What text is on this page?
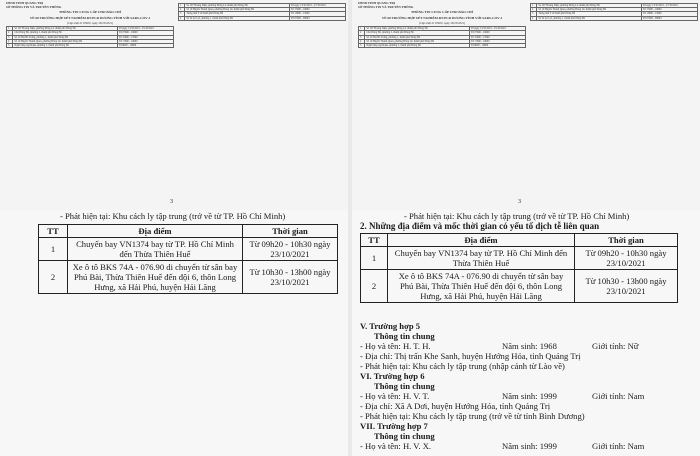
UBND TỈNH QUẢNG TRỊ
SỞ THÔNG TIN VÀ TRUYỀN THÔNG
THÔNG TIN CUNG CẤP CHO BÁO CHÍ
VỀ 08 TRƯỜNG HỢP XÉT NGHIỆM RT-PCR DƯƠNG TÍNH VỚI SARS-COV-2
(Cập nhật từ 18h00, ngày 28/10/2021)
1	Số 167 Hoàng Diệu, phường Đông Lễ, thành phố Đông Hà	Từ ngày 13/10/2021 - 25/10/2021
2	Chợ Đông Hà, phường 2, thành phố Đông Hà	Từ 07h00 - 10h00
3	Số 19 Hai Bà Trưng, phường 1, thành phố Đông Hà	Từ 15h00 - 17h00
4	Số 19 Huyền Thanh Quan, phường Đông Lễ, thành phố Đông Hà	Từ 17h00 - 19h00
5	Ngân hàng Agribank, phường 5, thành phố Đông Hà	Từ 8h00 - 10h00
1	Số 167 Hoàng Diệu, phường Đông Lễ, thành phố Đông Hà	Từ ngày 13/10/2021 - 27/10/2021
2	Số 19 Huyền Thanh Quan, phường Đông Lễ, thành phố Đông Hà	Từ 17h00 - 19h00
3	Trung tâm Y tế thành phố Đông Hà	Từ 13h00 - 15h00
4	Số 24 Lê Lợi, phường 1, thành phố Đông Hà	Từ 07h00 - 09h00
3
- Phát hiện tại: Khu cách ly tập trung (trở về từ TP. Hồ Chí Minh)
TT	Địa điểm	Thời gian
1	Chuyến bay VN1374 bay từ TP. Hồ Chí Minh đến Thừa Thiên Huế	Từ 09h20 - 10h30 ngày 23/10/2021
2	Xe ô tô BKS 74A - 076.90 di chuyển từ sân bay Phú Bài, Thừa Thiên Huế đến đội 6, thôn Long Hưng, xã Hải Phú, huyện Hải Lăng	Từ 10h30 - 13h00 ngày 23/10/2021
UBND TỈNH QUẢNG TRỊ
SỞ THÔNG TIN VÀ TRUYỀN THÔNG
THÔNG TIN CUNG CẤP CHO BÁO CHÍ
VỀ 08 TRƯỜNG HỢP XÉT NGHIỆM RT-PCR DƯƠNG TÍNH VỚI SARS-COV-2
(Cập nhật từ 18h00, ngày 28/10/2021)
1	Số 167 Hoàng Diệu, phường Đông Lễ, thành phố Đông Hà	Từ ngày 13/10/2021 - 25/10/2021
2	Chợ Đông Hà, phường 2, thành phố Đông Hà	Từ 07h00 - 10h00
3	Số 19 Hai Bà Trưng, phường 1, thành phố Đông Hà	Từ 15h00 - 17h00
4	Số 19 Huyền Thanh Quan, phường Đông Lễ, thành phố Đông Hà	Từ 17h00 - 19h00
5	Ngân hàng Agribank, phường 5, thành phố Đông Hà	Từ 8h00 - 10h00
1	Số 167 Hoàng Diệu, phường Đông Lễ, thành phố Đông Hà	Từ ngày 13/10/2021 - 27/10/2021
2	Số 19 Huyền Thanh Quan, phường Đông Lễ, thành phố Đông Hà	Từ 17h00 - 19h00
3	Trung tâm Y tế thành phố Đông Hà	Từ 13h00 - 15h00
4	Số 24 Lê Lợi, phường 1, thành phố Đông Hà	Từ 07h00 - 09h00
3
- Phát hiện tại: Khu cách ly tập trung (trở về từ TP. Hồ Chí Minh)
2. Những địa điểm và mốc thời gian có yếu tố dịch tễ liên quan
TT	Địa điểm	Thời gian
1	Chuyến bay VN1374 bay từ TP. Hồ Chí Minh đến Thừa Thiên Huế	Từ 09h20 - 10h30 ngày 23/10/2021
2	Xe ô tô BKS 74A - 076.90 di chuyển từ sân bay Phú Bài, Thừa Thiên Huế đến đội 6, thôn Long Hưng, xã Hải Phú, huyện Hải Lăng	Từ 10h30 - 13h00 ngày 23/10/2021
V. Trường hợp 5
Thông tin chung
- Họ và tên: H. T. H.	Năm sinh: 1968	Giới tính: Nữ
- Địa chỉ: Thị trấn Khe Sanh, huyện Hướng Hóa, tỉnh Quảng Trị
- Phát hiện tại: Khu cách ly tập trung (nhập cảnh từ Lào về)
VI. Trường hợp 6
Thông tin chung
- Họ và tên: H. V. T.	Năm sinh: 1999	Giới tính: Nam
- Địa chỉ: Xã A Dơi, huyện Hướng Hóa, tỉnh Quảng Trị
- Phát hiện tại: Khu cách ly tập trung (trở về từ tỉnh Bình Dương)
VII. Trường hợp 7
Thông tin chung
- Họ và tên: H. V. X.	Năm sinh: 1999	Giới tính: Nam
